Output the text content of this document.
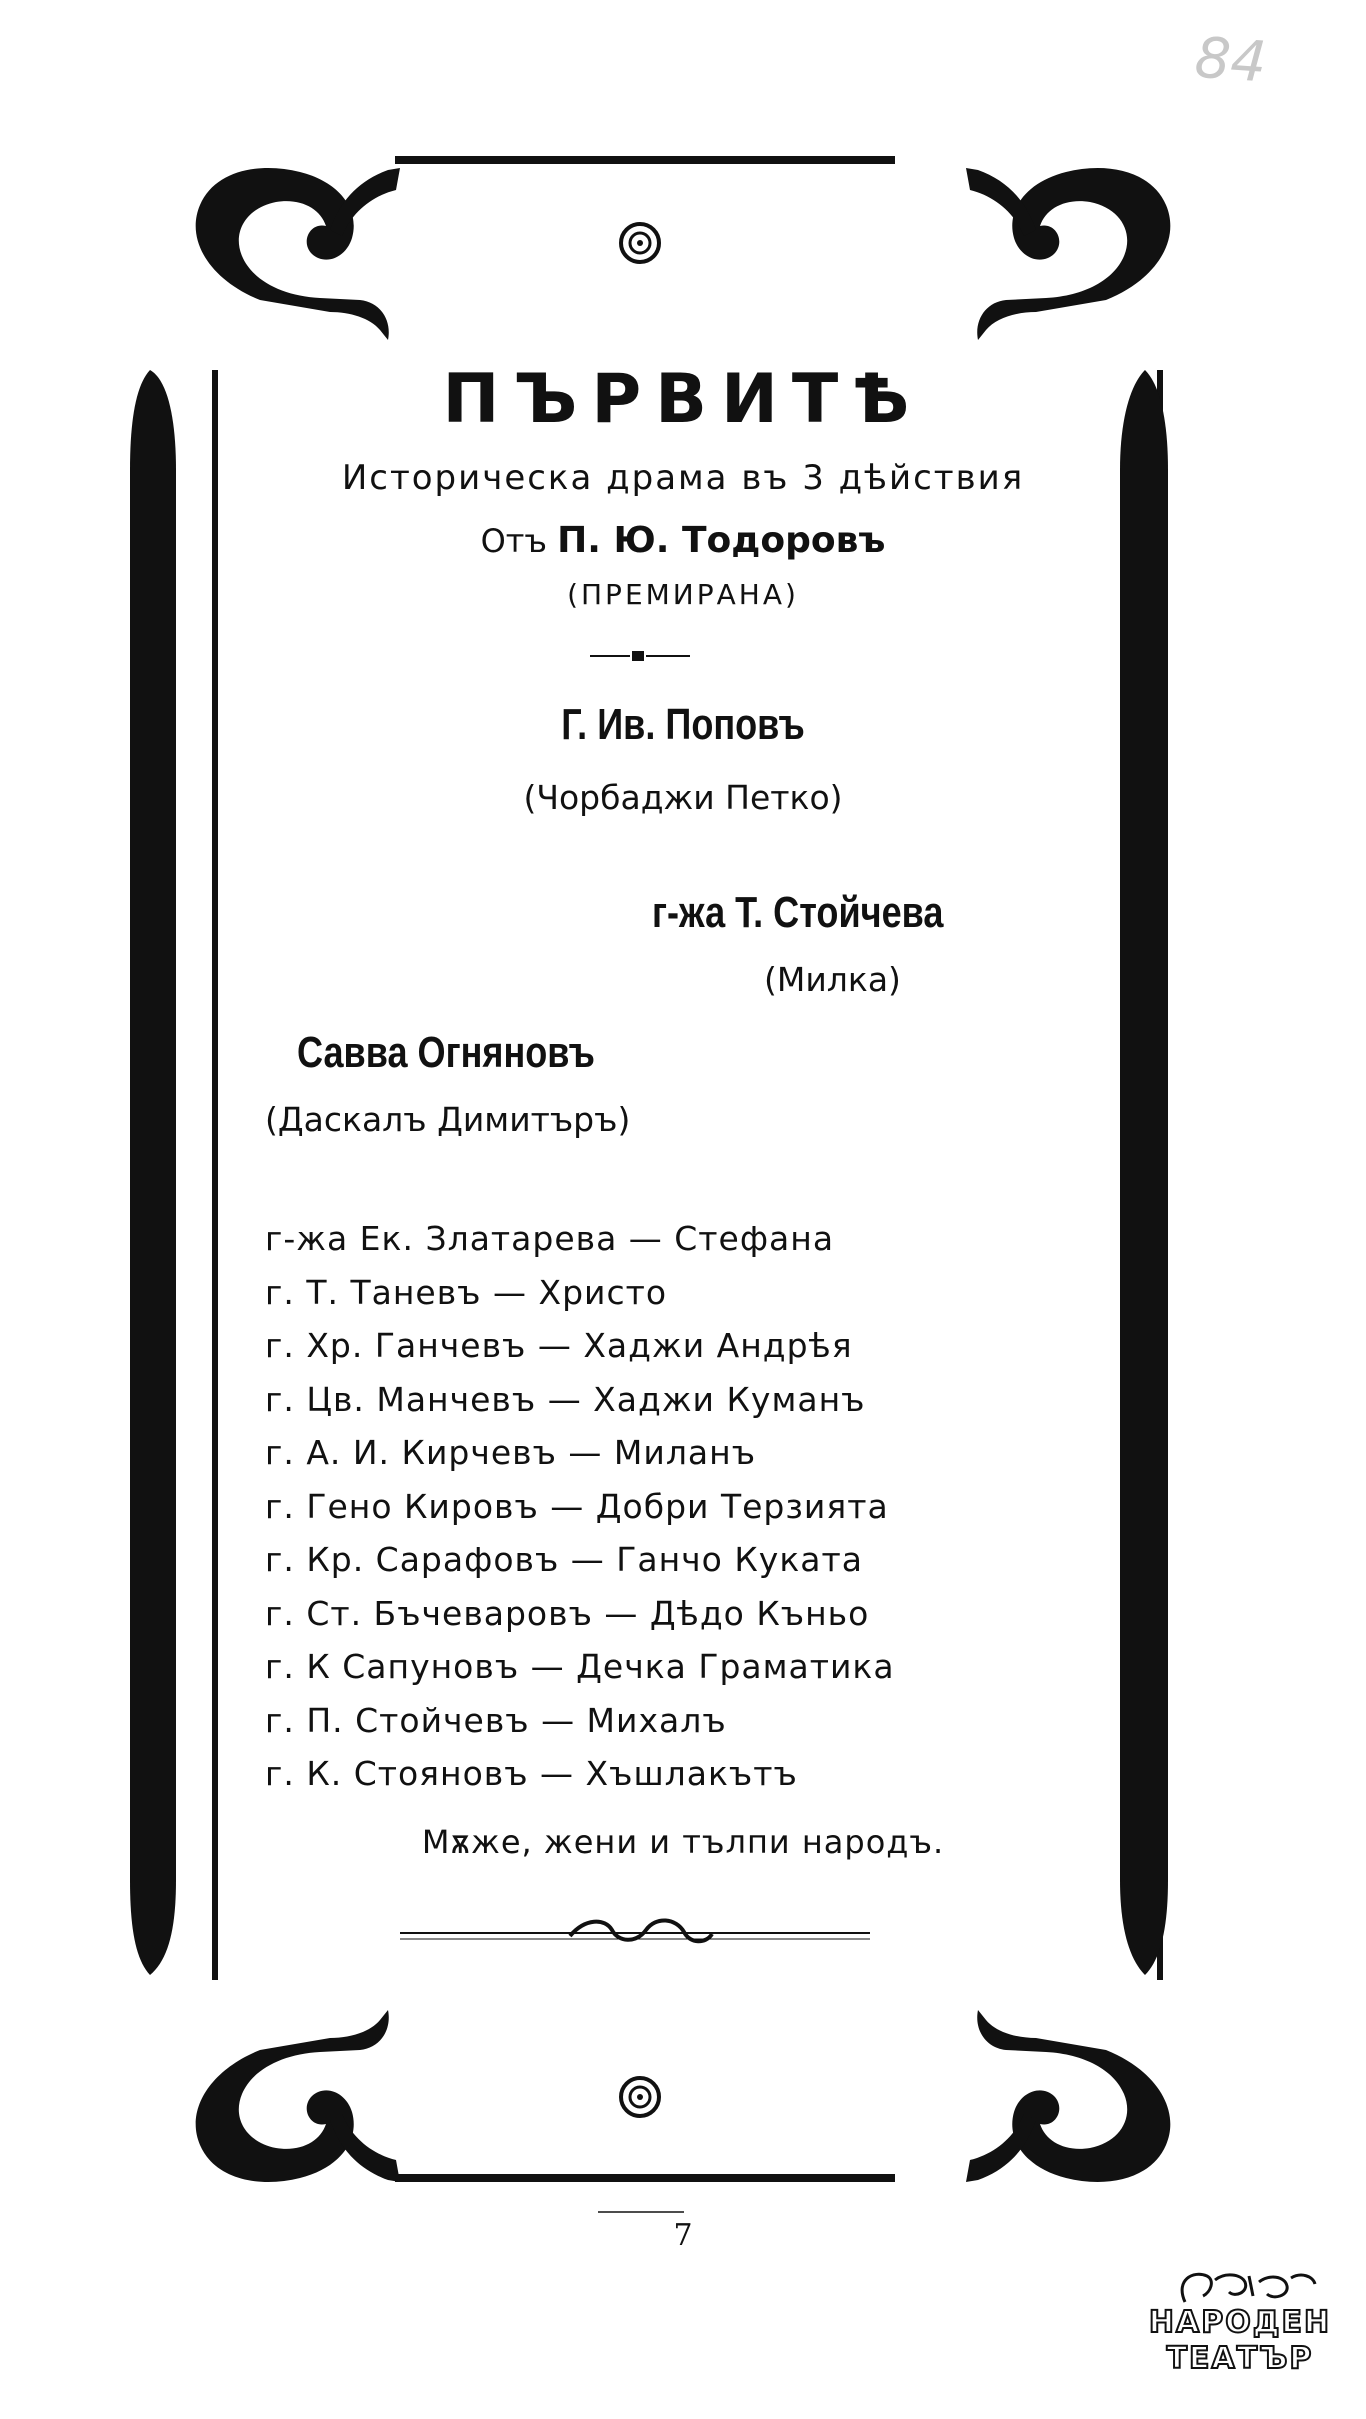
84
ПЪРВИТѢ
Историческа драма въ 3 дѣйствия
Отъ П. Ю. Тодоровъ
(ПРЕМИРАНА)
Г. Ив. Поповъ
(Чорбаджи Петко)
г-жа Т. Стойчева
(Милка)
Савва Огняновъ
(Даскалъ Димитъръ)
г-жа Ек. Златарева — Стефана
г. Т. Таневъ — Христо
г. Хр. Ганчевъ — Хаджи Андрѣя
г. Цв. Манчевъ — Хаджи Куманъ
г. А. И. Кирчевъ — Миланъ
г. Гено Кировъ — Добри Терзията
г. Кр. Сарафовъ — Ганчо Куката
г. Ст. Бъчеваровъ — Дѣдо Къньо
г. К Сапуновъ — Дечка Граматика
г. П. Стойчевъ — Михалъ
г. К. Стояновъ — Хъшлакътъ
Мѫже, жени и тълпи народъ.
7
НАРОДЕН
ТЕАТЪР
